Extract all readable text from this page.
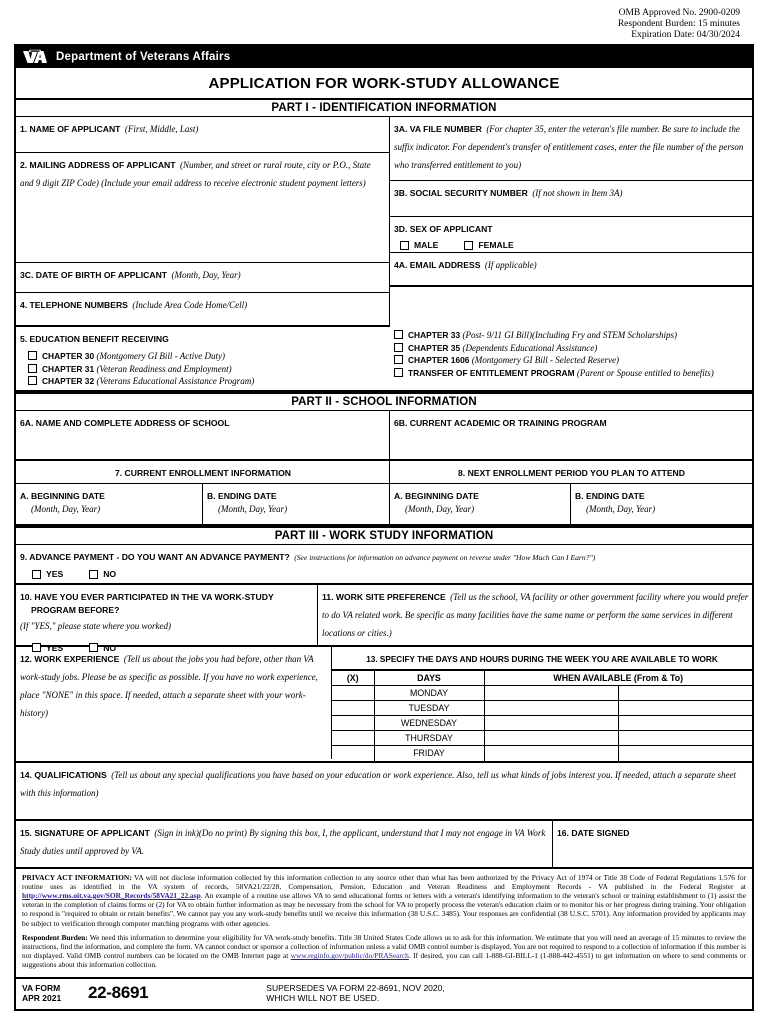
OMB Approved No. 2900-0209
Respondent Burden: 15 minutes
Expiration Date: 04/30/2024
Department of Veterans Affairs
APPLICATION FOR WORK-STUDY ALLOWANCE
PART I - IDENTIFICATION INFORMATION
1. NAME OF APPLICANT (First, Middle, Last)
2. MAILING ADDRESS OF APPLICANT (Number, and street or rural route, city or P.O., State and 9 digit ZIP Code) (Include your email address to receive electronic student payment letters)
3C. DATE OF BIRTH OF APPLICANT (Month, Day, Year)
4. TELEPHONE NUMBERS (Include Area Code Home/Cell)
3A. VA FILE NUMBER (For chapter 35, enter the veteran's file number. Be sure to include the suffix indicator. For dependent's transfer of entitlement cases, enter the file number of the person who transferred entitlement to you)
3B. SOCIAL SECURITY NUMBER (If not shown in Item 3A)
3D. SEX OF APPLICANT
MALE	FEMALE
4A. EMAIL ADDRESS (If applicable)
5. EDUCATION BENEFIT RECEIVING
CHAPTER 30 (Montgomery GI Bill - Active Duty)
CHAPTER 31 (Veteran Readiness and Employment)
CHAPTER 32 (Veterans Educational Assistance Program)
CHAPTER 33 (Post- 9/11 GI Bill)(Including Fry and STEM Scholarships)
CHAPTER 35 (Dependents Educational Assistance)
CHAPTER 1606 (Montgomery GI Bill - Selected Reserve)
TRANSFER OF ENTITLEMENT PROGRAM (Parent or Spouse entitled to benefits)
PART II - SCHOOL INFORMATION
6A. NAME AND COMPLETE ADDRESS OF SCHOOL	6B. CURRENT ACADEMIC OR TRAINING PROGRAM
7. CURRENT ENROLLMENT INFORMATION	8. NEXT ENROLLMENT PERIOD YOU PLAN TO ATTEND
A. BEGINNING DATE
(Month, Day, Year)
B. ENDING DATE
(Month, Day, Year)
A. BEGINNING DATE
(Month, Day, Year)
B. ENDING DATE
(Month, Day, Year)
PART III - WORK STUDY INFORMATION
9. ADVANCE PAYMENT - DO YOU WANT AN ADVANCE PAYMENT? (See instructions for information on advance payment on reverse under "How Much Can I Earn?")
YES	NO
10. HAVE YOU EVER PARTICIPATED IN THE VA WORK-STUDY
PROGRAM BEFORE?
(If "YES," please state where you worked)
YES	NO
11. WORK SITE PREFERENCE (Tell us the school, VA facility or other government facility where you would prefer to do VA related work. Be specific as many facilities have the same name or perform the same services in different locations or cities.)
12. WORK EXPERIENCE (Tell us about the jobs you had before, other than VA work-study jobs. Please be as specific as possible. If you have no work experience, place "NONE" in this space. If needed, attach a separate sheet with your work-history)
13. SPECIFY THE DAYS AND HOURS DURING THE WEEK YOU ARE AVAILABLE TO WORK
(X)	DAYS	WHEN AVAILABLE (From & To)	
	MONDAY		
	TUESDAY		
	WEDNESDAY		
	THURSDAY		
	FRIDAY		
14. QUALIFICATIONS (Tell us about any special qualifications you have based on your education or work experience. Also, tell us what kinds of jobs interest you. If needed, attach a separate sheet with this information)
15. SIGNATURE OF APPLICANT (Sign in ink)(Do no print) By signing this box, I, the applicant, understand that I may not engage in VA Work Study duties until approved by VA.
16. DATE SIGNED

PRIVACY ACT INFORMATION: VA will not disclose information collected by this information collection to any source other than what has been authorized by the Privacy Act of 1974 or Title 38 Code of Federal Regulations 1.576 for routine uses as identified in the VA system of records, 58VA21/22/28, Compensation, Pension, Education and Veteran Readiness and Employment Records - VA published in the Federal Register at http://www.rms.oit.va.gov/SOR_Records/58VA21_22.asp. An example of a routine use allows VA to send educational forms or letters with a veteran's identifying information to the veteran's school or training establishment to (1) assist the veteran in the completion of claims forms or (2) for VA to obtain further information as may be necessary from the school for VA to properly process the veteran's education claim or to monitor his or her progress during training. Your obligation to respond is "required to obtain or retain benefits". We cannot pay you any work-study benefits until we receive this information (38 U.S.C. 3485). Your responses are confidential (38 U.S.C. 5701). Any information provided by applicants may be subject to verification through computer matching programs with other agencies.

Respondent Burden: We need this information to determine your eligibility for VA work-study benefits. Title 38 United States Code allows us to ask for this information. We estimate that you will need an average of 15 minutes to review the instructions, find the information, and complete the form. VA cannot conduct or sponsor a collection of information unless a valid OMB control number is displayed. You are not required to respond to a collection of information if this number is not displayed. Valid OMB control numbers can be located on the OMB Internet page at www.reginfo.gov/public/do/PRASearch. If desired, you can call 1-888-GI-BILL-1 (1-888-442-4551) to get information on where to send comments or suggestions about this information collection.

VA FORM
APR 2021	22-8691	SUPERSEDES VA FORM 22-8691, NOV 2020,
WHICH WILL NOT BE USED.
